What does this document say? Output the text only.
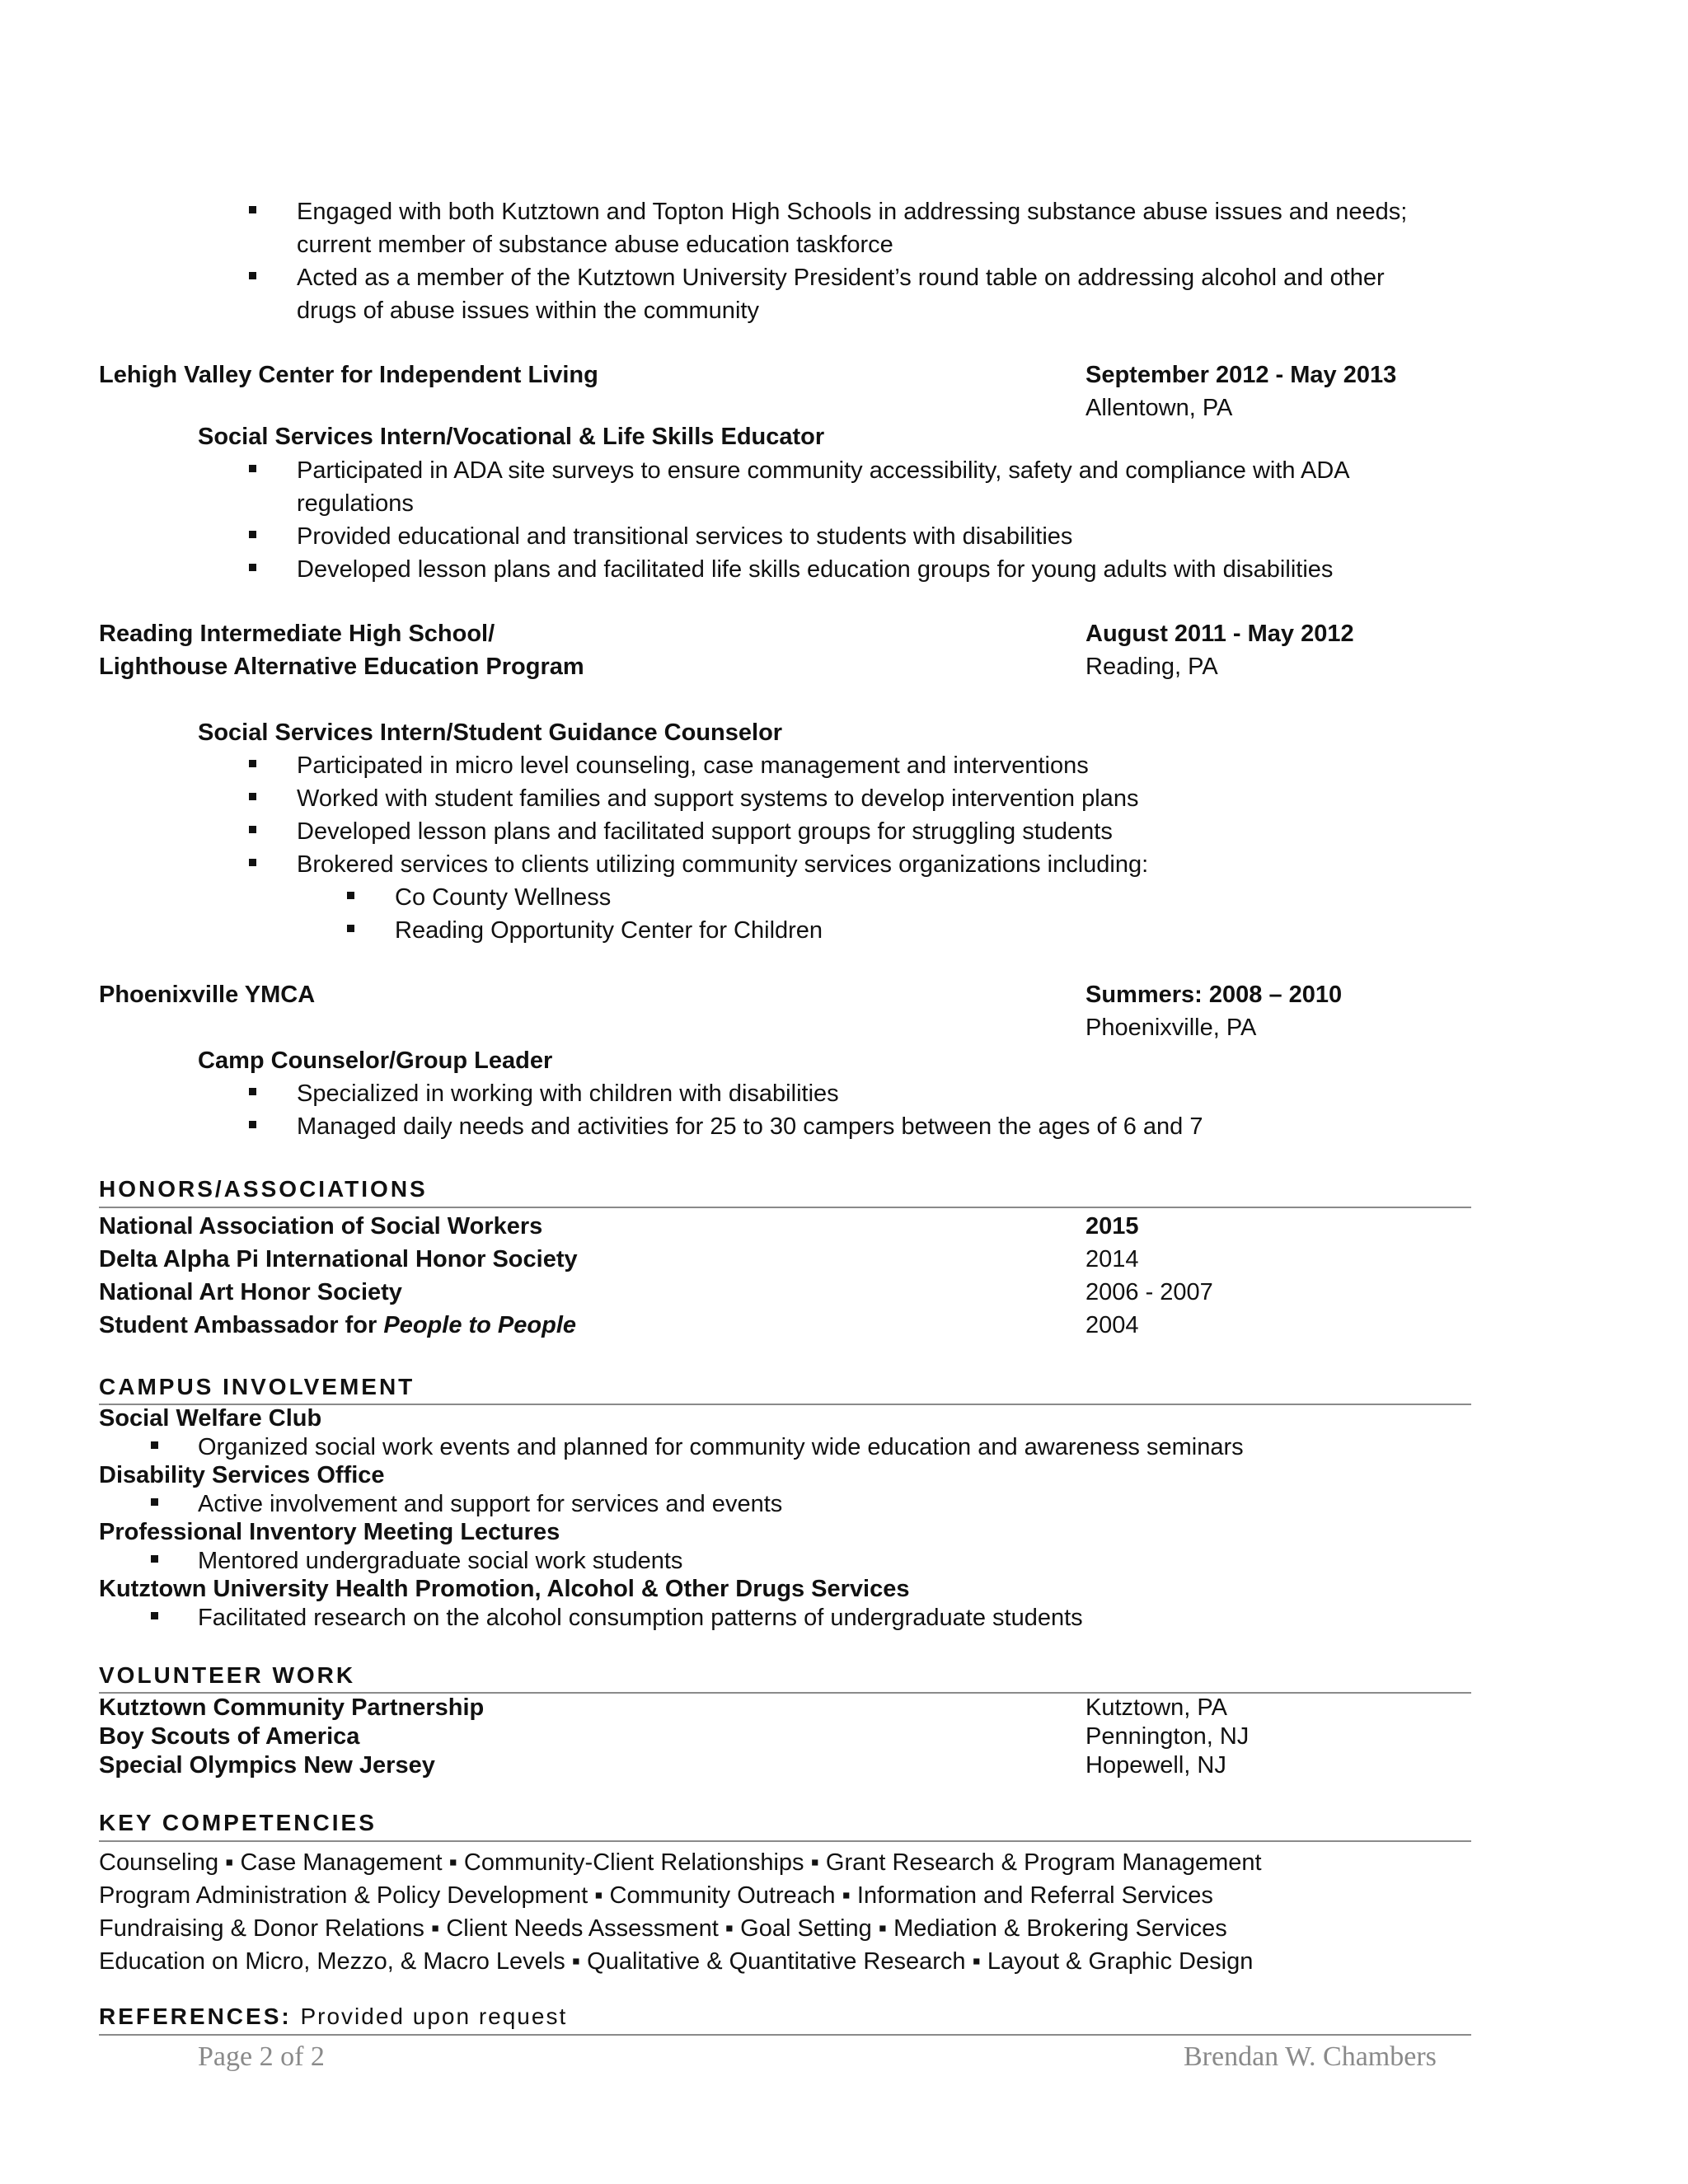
Engaged with both Kutztown and Topton High Schools in addressing substance abuse issues and needs;
current member of substance abuse education taskforce
Acted as a member of the Kutztown University President’s round table on addressing alcohol and other
drugs of abuse issues within the community
Lehigh Valley Center for Independent Living	September 2012 - May 2013
Allentown, PA
Social Services Intern/Vocational & Life Skills Educator
Participated in ADA site surveys to ensure community accessibility, safety and compliance with ADA
regulations
Provided educational and transitional services to students with disabilities
Developed lesson plans and facilitated life skills education groups for young adults with disabilities
Reading Intermediate High School/
Lighthouse Alternative Education Program
August 2011 - May 2012
Reading, PA
Social Services Intern/Student Guidance Counselor
Participated in micro level counseling, case management and interventions
Worked with student families and support systems to develop intervention plans
Developed lesson plans and facilitated support groups for struggling students
Brokered services to clients utilizing community services organizations including:
Co County Wellness
Reading Opportunity Center for Children
Phoenixville YMCA	Summers: 2008 – 2010
Phoenixville, PA
Camp Counselor/Group Leader
Specialized in working with children with disabilities
Managed daily needs and activities for 25 to 30 campers between the ages of 6 and 7
HONORS/ASSOCIATIONS
National Association of Social Workers	2015
Delta Alpha Pi International Honor Society	2014
National Art Honor Society	2006 - 2007
Student Ambassador for People to People	2004
CAMPUS INVOLVEMENT
Social Welfare Club
Organized social work events and planned for community wide education and awareness seminars
Disability Services Office
Active involvement and support for services and events
Professional Inventory Meeting Lectures
Mentored undergraduate social work students
Kutztown University Health Promotion, Alcohol & Other Drugs Services
Facilitated research on the alcohol consumption patterns of undergraduate students
VOLUNTEER WORK
Kutztown Community Partnership	Kutztown, PA
Boy Scouts of America	Pennington, NJ
Special Olympics New Jersey	Hopewell, NJ
KEY COMPETENCIES
Counseling ▪ Case Management ▪ Community-Client Relationships ▪ Grant Research & Program Management
Program Administration & Policy Development ▪ Community Outreach ▪ Information and Referral Services
Fundraising & Donor Relations ▪ Client Needs Assessment ▪ Goal Setting ▪ Mediation & Brokering Services
Education on Micro, Mezzo, & Macro Levels ▪ Qualitative & Quantitative Research ▪ Layout & Graphic Design
REFERENCES: Provided upon request
Page 2 of 2	Brendan W. Chambers
